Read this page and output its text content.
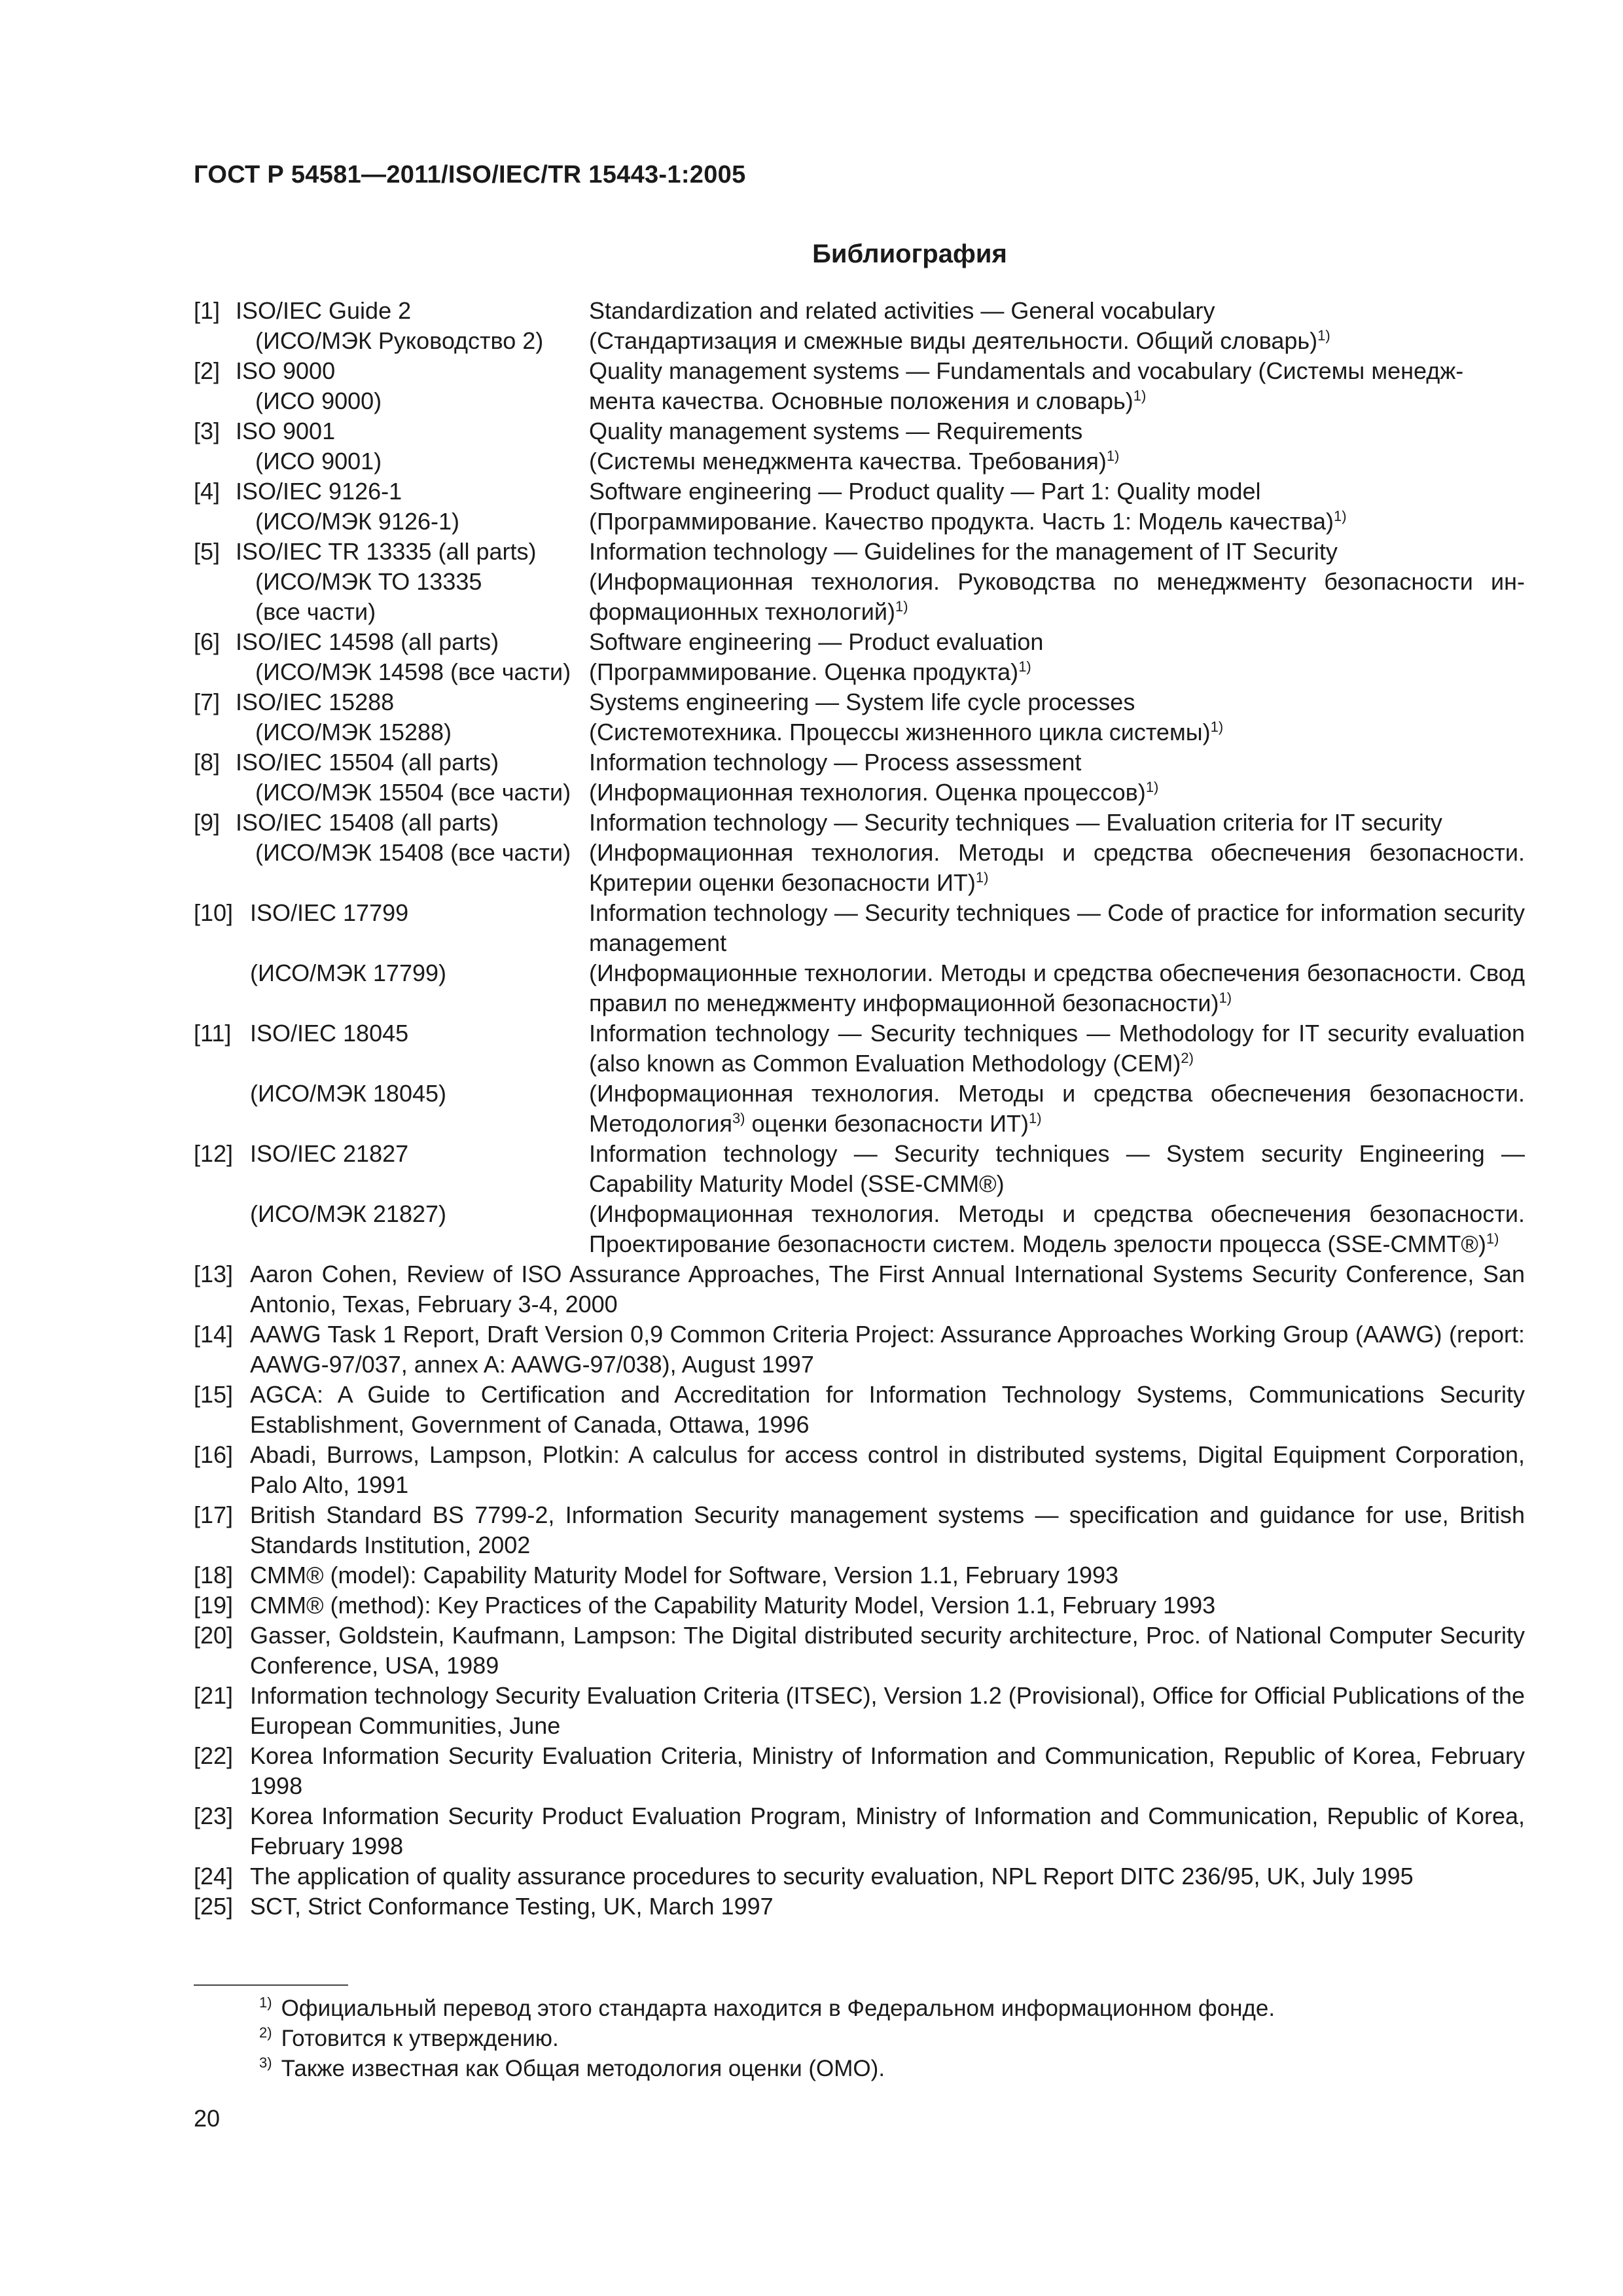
ГОСТ Р 54581—2011/ISO/IEC/TR 15443-1:2005
Библиография
[1] ISO/IEC Guide 2
(ИСО/МЭК Руководство 2)
Standardization and related activities — General vocabulary
(Стандартизация и смежные виды деятельности. Общий словарь)$^{1)}$
[2] ISO 9000
(ИСО 9000)
Quality management systems — Fundamentals and vocabulary (Системы менедж-
мента качества. Основные положения и словарь)$^{1)}$
[3] ISO 9001
(ИСО 9001)
Quality management systems — Requirements
(Системы менеджмента качества. Требования)$^{1)}$
[4] ISO/IEC 9126-1
(ИСО/МЭК 9126-1)
Software engineering — Product quality — Part 1: Quality model
(Программирование. Качество продукта. Часть 1: Модель качества)$^{1)}$
[5] ISO/IEC TR 13335 (all parts)
(ИСО/МЭК ТО 13335
(все части)
Information technology — Guidelines for the management of IT Security
(Информационная технология. Руководства по менеджменту безопасности ин-формационных технологий)$^{1)}$
[6] ISO/IEC 14598 (all parts)
(ИСО/МЭК 14598 (все части)
Software engineering — Product evaluation
(Программирование. Оценка продукта)$^{1)}$
[7] ISO/IEC 15288
(ИСО/МЭК 15288)
Systems engineering — System life cycle processes
(Системотехника. Процессы жизненного цикла системы)$^{1)}$
[8] ISO/IEC 15504 (all parts)
(ИСО/МЭК 15504 (все части)
Information technology — Process assessment
(Информационная технология. Оценка процессов)$^{1)}$
[9] ISO/IEC 15408 (all parts)
(ИСО/МЭК 15408 (все части)
Information technology — Security techniques — Evaluation criteria for IT security
(Информационная технология. Методы и средства обеспечения безопасности. Критерии оценки безопасности ИТ)$^{1)}$
[10] ISO/IEC 17799
(ИСО/МЭК 17799)
Information technology — Security techniques — Code of practice for information security management
(Информационные технологии. Методы и средства обеспечения безопасности. Свод правил по менеджменту информационной безопасности)$^{1)}$
[11] ISO/IEC 18045
(ИСО/МЭК 18045)
Information technology — Security techniques — Methodology for IT security evaluation (also known as Common Evaluation Methodology (CEM)$^{2)}$
(Информационная технология. Методы и средства обеспечения безопасности. Методология$^{3)}$ оценки безопасности ИТ)$^{1)}$
[12] ISO/IEC 21827
(ИСО/МЭК 21827)
Information technology — Security techniques — System security Engineering — Capability Maturity Model (SSE-CMM®)
(Информационная технология. Методы и средства обеспечения безопасности. Проектирование безопасности систем. Модель зрелости процесса (SSE-CMMT®)$^{1)}$
[13] Aaron Cohen, Review of ISO Assurance Approaches, The First Annual International Systems Security Conference, San Antonio, Texas, February 3-4, 2000
[14] AAWG Task 1 Report, Draft Version 0,9 Common Criteria Project: Assurance Approaches Working Group (AAWG) (report: AAWG-97/037, annex A: AAWG-97/038), August 1997
[15] AGCA: A Guide to Certification and Accreditation for Information Technology Systems, Communications Security Establishment, Government of Canada, Ottawa, 1996
[16] Abadi, Burrows, Lampson, Plotkin: A calculus for access control in distributed systems, Digital Equipment Corporation, Palo Alto, 1991
[17] British Standard BS 7799-2, Information Security management systems — specification and guidance for use, British Standards Institution, 2002
[18] CMM® (model): Capability Maturity Model for Software, Version 1.1, February 1993
[19] CMM® (method): Key Practices of the Capability Maturity Model, Version 1.1, February 1993
[20] Gasser, Goldstein, Kaufmann, Lampson: The Digital distributed security architecture, Proc. of National Computer Security Conference, USA, 1989
[21] Information technology Security Evaluation Criteria (ITSEC), Version 1.2 (Provisional), Office for Official Publications of the European Communities, June
[22] Korea Information Security Evaluation Criteria, Ministry of Information and Communication, Republic of Korea, February 1998
[23] Korea Information Security Product Evaluation Program, Ministry of Information and Communication, Republic of Korea, February 1998
[24] The application of quality assurance procedures to security evaluation, NPL Report DITC 236/95, UK, July 1995
[25] SCT, Strict Conformance Testing, UK, March 1997
$^{1)}$ Официальный перевод этого стандарта находится в Федеральном информационном фонде.
$^{2)}$ Готовится к утверждению.
$^{3)}$ Также известная как Общая методология оценки (ОМО).
20
